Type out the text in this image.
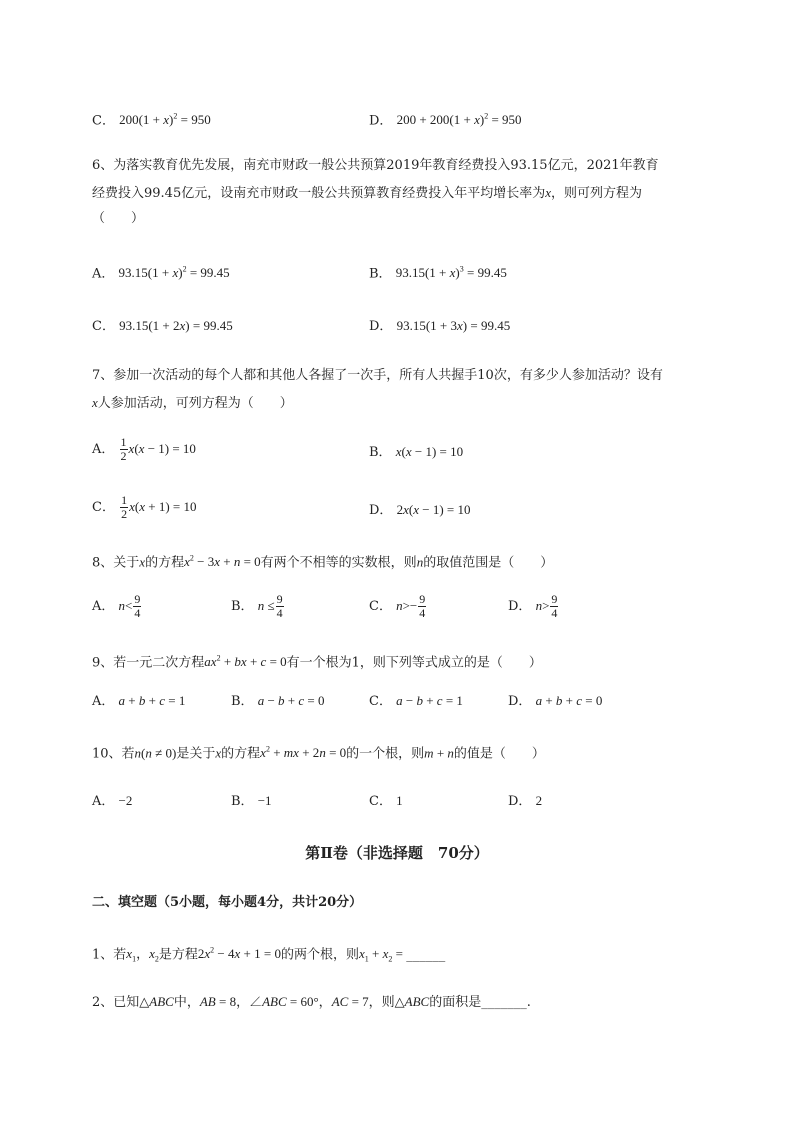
C． $200(1 + x)^2 = 950$	D． $200 + 200(1 + x)^2 = 950$
6、为落实教育优先发展，南充市财政一般公共预算2019年教育经费投入93.15亿元，2021年教育
经费投入99.45亿元，设南充市财政一般公共预算教育经费投入年平均增长率为x，则可列方程为
（　　）
A． $93.15(1 + x)^2 = 99.45$	B． $93.15(1 + x)^3 = 99.45$
C． 93.15(1 + 2x) = 99.45	D． 93.15(1 + 3x) = 99.45
7、参加一次活动的每个人都和其他人各握了一次手，所有人共握手10次，有多少人参加活动？设有
x人参加活动，可列方程为（　　）
A． $\frac{1}{2} x(x - 1) = 10$	B． x(x − 1) = 10
C． $\frac{1}{2} x(x + 1) = 10$	D． 2x(x − 1) = 10
8、关于x的方程$x^2 - 3x + n = 0$有两个不相等的实数根，则n的取值范围是（　　）
A． $n< \frac{9}{4}$	B． $n \le \frac{9}{4}$	C． $n>- \frac{9}{4}$	D． $n> \frac{9}{4}$
9、若一元二次方程$ax^2$ + bx + c = 0有一个根为1，则下列等式成立的是（　　）
A． a + b + c = 1	B． a − b + c = 0	C． a − b + c = 1	D． a + b + c = 0
10、若n(n ≠ 0)是关于x的方程$x^2$ + mx + 2n = 0的一个根，则m + n的值是（　　）
A． −2	B． −1	C． 1	D． 2
第Ⅱ卷（非选择题　70分）
二、填空题（5小题，每小题4分，共计20分）
1、若$x_1$，$x_2$是方程$2x^2 - 4x + 1 = 0$的两个根，则$x_1 + x_2$ = ______
2、已知△ABC中，AB = 8，∠ABC = 60°，AC = 7，则△ABC的面积是_______.
